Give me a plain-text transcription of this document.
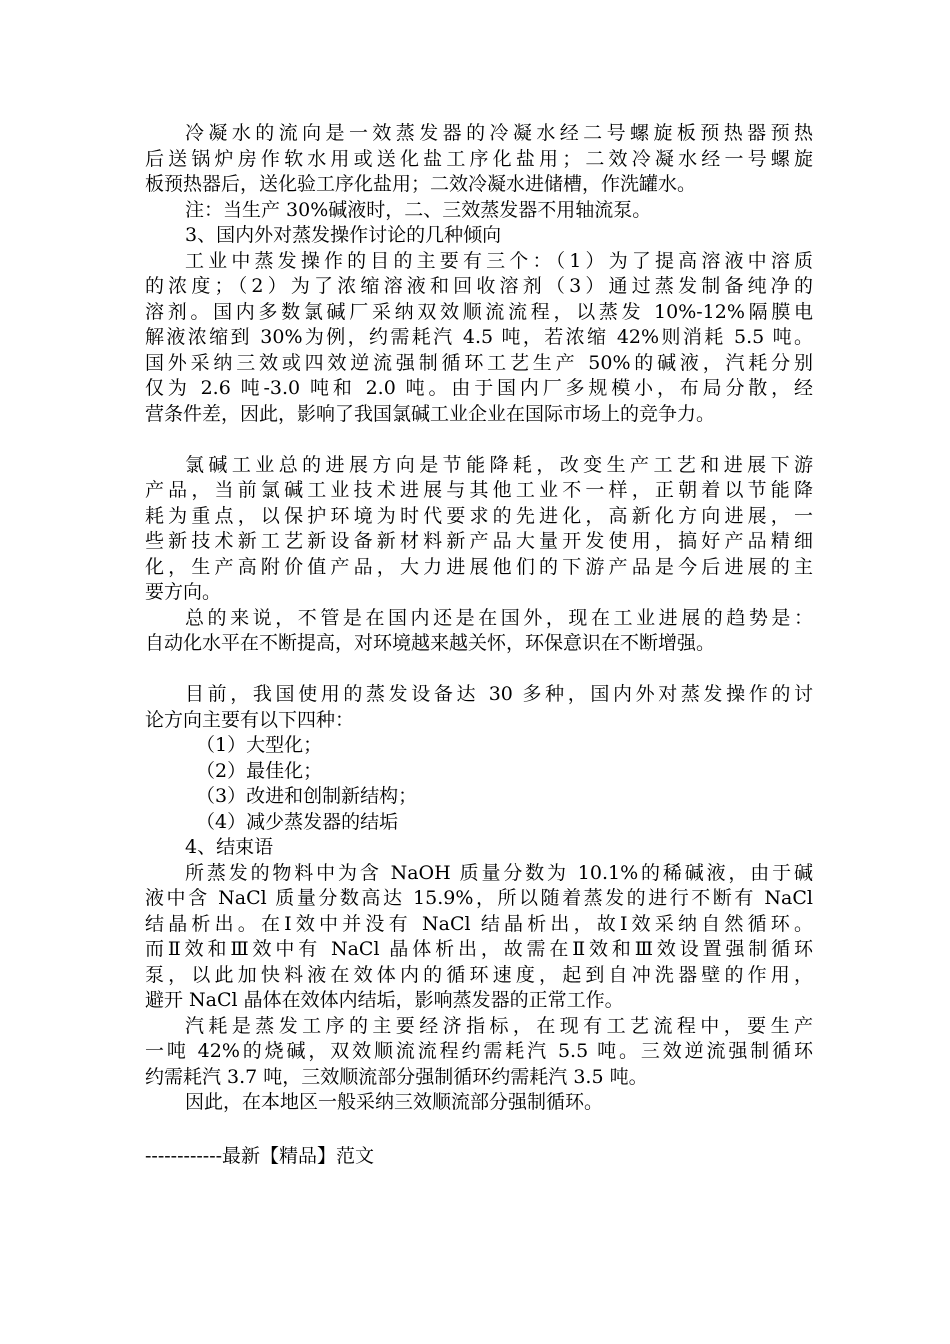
冷凝水的流向是一效蒸发器的冷凝水经二号螺旋板预热器预热
后送锅炉房作软水用或送化盐工序化盐用；二效冷凝水经一号螺旋
板预热器后，送化验工序化盐用；二效冷凝水进储槽，作洗罐水。
注：当生产 30%碱液时，二、三效蒸发器不用轴流泵。
3、国内外对蒸发操作讨论的几种倾向
工业中蒸发操作的目的主要有三个：（1）为了提高溶液中溶质
的浓度；（2）为了浓缩溶液和回收溶剂（3）通过蒸发制备纯净的
溶剂。国内多数氯碱厂采纳双效顺流流程，以蒸发 10%-12%隔膜电
解液浓缩到 30%为例，约需耗汽 4.5 吨，若浓缩 42%则消耗 5.5 吨。
国外采纳三效或四效逆流强制循环工艺生产 50%的碱液，汽耗分别
仅为 2.6 吨-3.0 吨和 2.0 吨。由于国内厂多规模小，布局分散，经
营条件差，因此，影响了我国氯碱工业企业在国际市场上的竞争力。
氯碱工业总的进展方向是节能降耗，改变生产工艺和进展下游
产品，当前氯碱工业技术进展与其他工业不一样，正朝着以节能降
耗为重点，以保护环境为时代要求的先进化，高新化方向进展，一
些新技术新工艺新设备新材料新产品大量开发使用，搞好产品精细
化，生产高附价值产品，大力进展他们的下游产品是今后进展的主
要方向。
总的来说，不管是在国内还是在国外，现在工业进展的趋势是：
自动化水平在不断提高，对环境越来越关怀，环保意识在不断增强。
目前，我国使用的蒸发设备达 30 多种，国内外对蒸发操作的讨
论方向主要有以下四种：
（1）大型化；
（2）最佳化；
（3）改进和创制新结构；
（4）减少蒸发器的结垢
4、结束语
所蒸发的物料中为含 NaOH 质量分数为 10.1%的稀碱液，由于碱
液中含 NaCl 质量分数高达 15.9%，所以随着蒸发的进行不断有 NaCl
结晶析出。在Ⅰ效中并没有 NaCl 结晶析出，故Ⅰ效采纳自然循环。
而Ⅱ效和Ⅲ效中有 NaCl 晶体析出，故需在Ⅱ效和Ⅲ效设置强制循环
泵，以此加快料液在效体内的循环速度，起到自冲洗器壁的作用，
避开 NaCl 晶体在效体内结垢，影响蒸发器的正常工作。
汽耗是蒸发工序的主要经济指标，在现有工艺流程中，要生产
一吨 42%的烧碱，双效顺流流程约需耗汽 5.5 吨。三效逆流强制循环
约需耗汽 3.7 吨，三效顺流部分强制循环约需耗汽 3.5 吨。
因此，在本地区一般采纳三效顺流部分强制循环。
------------最新【精品】范文
